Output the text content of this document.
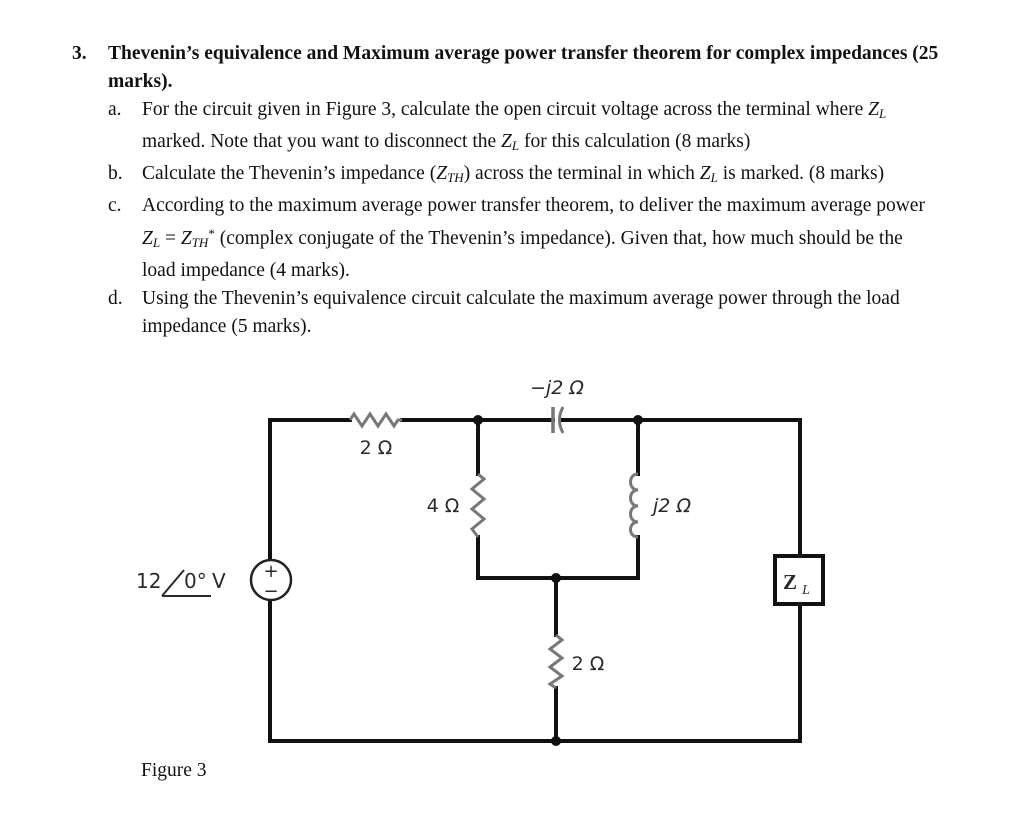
3.	Thevenin’s equivalence and Maximum average power transfer theorem for complex impedances (25 marks).
a.	For the circuit given in Figure 3, calculate the open circuit voltage across the terminal where $Z_L$ marked. Note that you want to disconnect the $Z_L$ for this calculation (8 marks)
b. Calculate the Thevenin’s impedance $(Z_{TH})$ across the terminal in which $Z_L$ is marked. (8 marks)
c.	According to the maximum average power transfer theorem, to deliver the maximum average power $Z_L = Z_{TH}^*$ (complex conjugate of the Thevenin’s impedance). Given that, how much should be the load impedance (4 marks).
d. Using the Thevenin’s equivalence circuit calculate the maximum average power through the load impedance (5 marks).
+
−	Z L
2 Ω
−j2 Ω
4 Ω	j2 Ω
2 Ω
12 0° V
Figure 3
